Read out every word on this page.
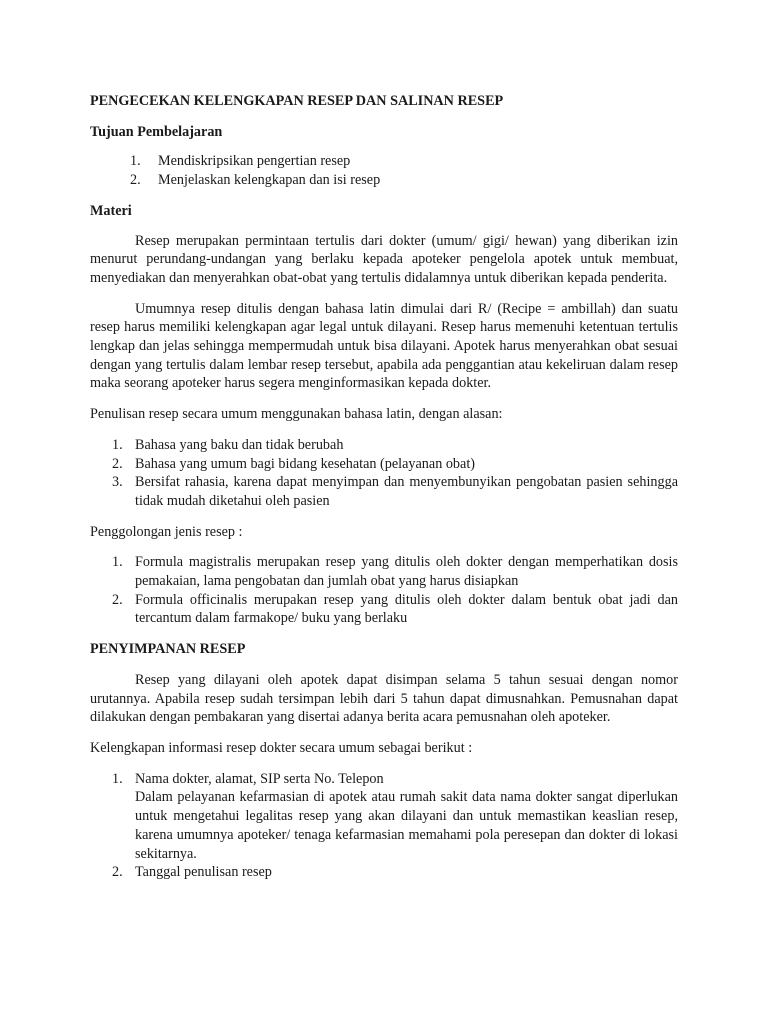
PENGECEKAN KELENGKAPAN RESEP DAN SALINAN RESEP
Tujuan Pembelajaran
1. Mendiskripsikan pengertian resep
2. Menjelaskan kelengkapan dan isi resep
Materi

Resep merupakan permintaan tertulis dari dokter (umum/ gigi/ hewan) yang diberikan izin menurut perundang-undangan yang berlaku kepada apoteker pengelola apotek untuk membuat, menyediakan dan menyerahkan obat-obat yang tertulis didalamnya untuk diberikan kepada penderita.

Umumnya resep ditulis dengan bahasa latin dimulai dari R/ (Recipe = ambillah) dan suatu resep harus memiliki kelengkapan agar legal untuk dilayani. Resep harus memenuhi ketentuan tertulis lengkap dan jelas sehingga mempermudah untuk bisa dilayani. Apotek harus menyerahkan obat sesuai dengan yang tertulis dalam lembar resep tersebut, apabila ada penggantian atau kekeliruan dalam resep maka seorang apoteker harus segera menginformasikan kepada dokter.

Penulisan resep secara umum menggunakan bahasa latin, dengan alasan:

1. Bahasa yang baku dan tidak berubah
2. Bahasa yang umum bagi bidang kesehatan (pelayanan obat)
3. Bersifat rahasia, karena dapat menyimpan dan menyembunyikan pengobatan pasien sehingga tidak mudah diketahui oleh pasien

Penggolongan jenis resep :

1. Formula magistralis merupakan resep yang ditulis oleh dokter dengan memperhatikan dosis pemakaian, lama pengobatan dan jumlah obat yang harus disiapkan
2. Formula officinalis merupakan resep yang ditulis oleh dokter dalam bentuk obat jadi dan tercantum dalam farmakope/ buku yang berlaku
PENYIMPANAN RESEP

Resep yang dilayani oleh apotek dapat disimpan selama 5 tahun sesuai dengan nomor urutannya. Apabila resep sudah tersimpan lebih dari 5 tahun dapat dimusnahkan. Pemusnahan dapat dilakukan dengan pembakaran yang disertai adanya berita acara pemusnahan oleh apoteker.

Kelengkapan informasi resep dokter secara umum sebagai berikut :

1. Nama dokter, alamat, SIP serta No. Telepon
Dalam pelayanan kefarmasian di apotek atau rumah sakit data nama dokter sangat diperlukan untuk mengetahui legalitas resep yang akan dilayani dan untuk memastikan keaslian resep, karena umumnya apoteker/ tenaga kefarmasian memahami pola peresepan dan dokter di lokasi sekitarnya.
2. Tanggal penulisan resep
